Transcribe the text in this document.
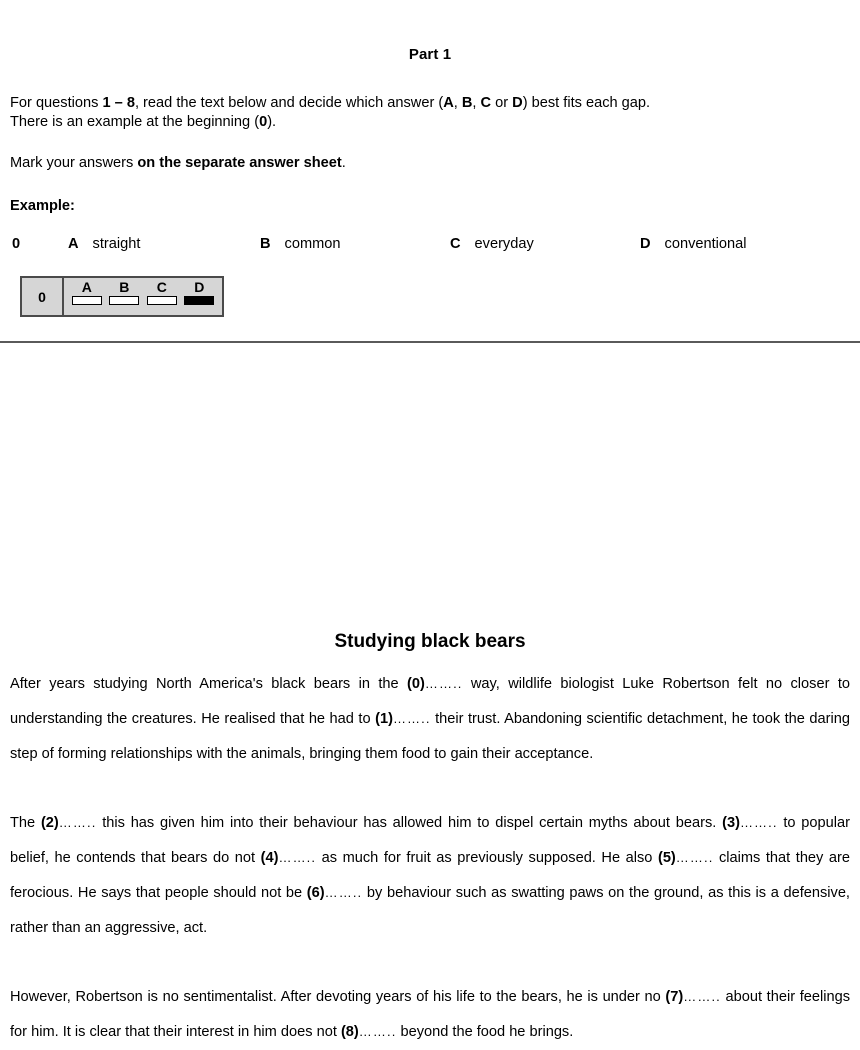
Part 1

For questions 1 – 8, read the text below and decide which answer (A, B, C or D) best fits each gap.
There is an example at the beginning (0).

Mark your answers on the separate answer sheet.

Example:

0	A straight	B common	C everyday	D conventional
0
A B C D
Studying black bears

After years studying North America's black bears in the (0)…….. way, wildlife biologist Luke Robertson felt no closer to understanding the creatures. He realised that he had to (1)…….. their trust. Abandoning scientific detachment, he took the daring step of forming relationships with the animals, bringing them food to gain their acceptance.

The (2)…….. this has given him into their behaviour has allowed him to dispel certain myths about bears. (3)…….. to popular belief, he contends that bears do not (4)…….. as much for fruit as previously supposed. He also (5)…….. claims that they are ferocious. He says that people should not be (6)…….. by behaviour such as swatting paws on the ground, as this is a defensive, rather than an aggressive, act.

However, Robertson is no sentimentalist. After devoting years of his life to the bears, he is under no (7)…….. about their feelings for him. It is clear that their interest in him does not (8)…….. beyond the food he brings.
